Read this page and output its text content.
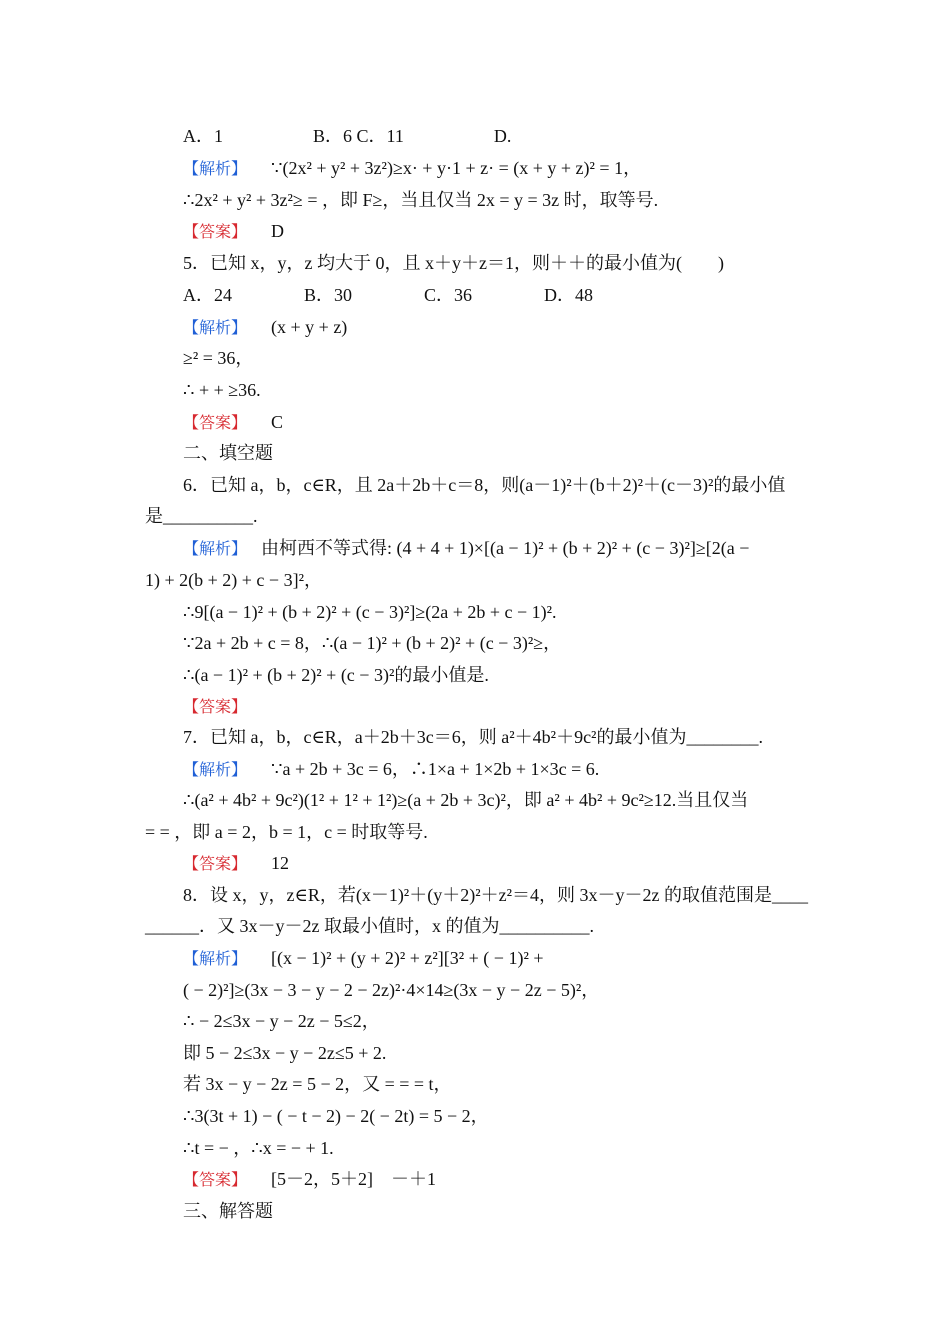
A．1　　　　　B．6 C．11　　　　　D.
【解析】 ∵(2x² + y² + 3z²)≥x· + y·1 + z· = (x + y + z)² = 1，
∴2x² + y² + 3z²≥ = ，即 F≥，当且仅当 2x = y = 3z 时，取等号.
【答案】 D
5．已知 x，y，z 均大于 0，且 x＋y＋z＝1，则＋＋的最小值为(　　)
A．24　　　　B．30　　　　C．36　　　　D．48
【解析】 (x + y + z)
≥² = 36，
∴ + + ≥36.
【答案】 C
二、填空题
6．已知 a，b，c∈R，且 2a＋2b＋c＝8，则(a－1)²＋(b＋2)²＋(c－3)²的最小值
是__________.
【解析】 由柯西不等式得: (4 + 4 + 1)×[(a − 1)² + (b + 2)² + (c − 3)²]≥[2(a −
1) + 2(b + 2) + c − 3]²，
∴9[(a − 1)² + (b + 2)² + (c − 3)²]≥(2a + 2b + c − 1)².
∵2a + 2b + c = 8，∴(a − 1)² + (b + 2)² + (c − 3)²≥，
∴(a − 1)² + (b + 2)² + (c − 3)²的最小值是.
【答案】
7．已知 a，b，c∈R，a＋2b＋3c＝6，则 a²＋4b²＋9c²的最小值为________.
【解析】 ∵a + 2b + 3c = 6，∴1×a + 1×2b + 1×3c = 6.
∴(a² + 4b² + 9c²)(1² + 1² + 1²)≥(a + 2b + 3c)²，即 a² + 4b² + 9c²≥12.当且仅当
= = ，即 a = 2，b = 1，c = 时取等号.
【答案】 12
8．设 x，y，z∈R，若(x－1)²＋(y＋2)²＋z²＝4，则 3x－y－2z 的取值范围是____
______．又 3x－y－2z 取最小值时，x 的值为__________.
【解析】 [(x − 1)² + (y + 2)² + z²][3² + ( − 1)² +
( − 2)²]≥(3x − 3 − y − 2 − 2z)²·4×14≥(3x − y − 2z − 5)²，
∴ − 2≤3x − y − 2z − 5≤2，
即 5 − 2≤3x − y − 2z≤5 + 2.
若 3x − y − 2z = 5 − 2，又 = = = t，
∴3(3t + 1) − ( − t − 2) − 2( − 2t) = 5 − 2，
∴t = − ，∴x = − + 1.
【答案】 [5－2，5＋2]　－＋1
三、解答题
